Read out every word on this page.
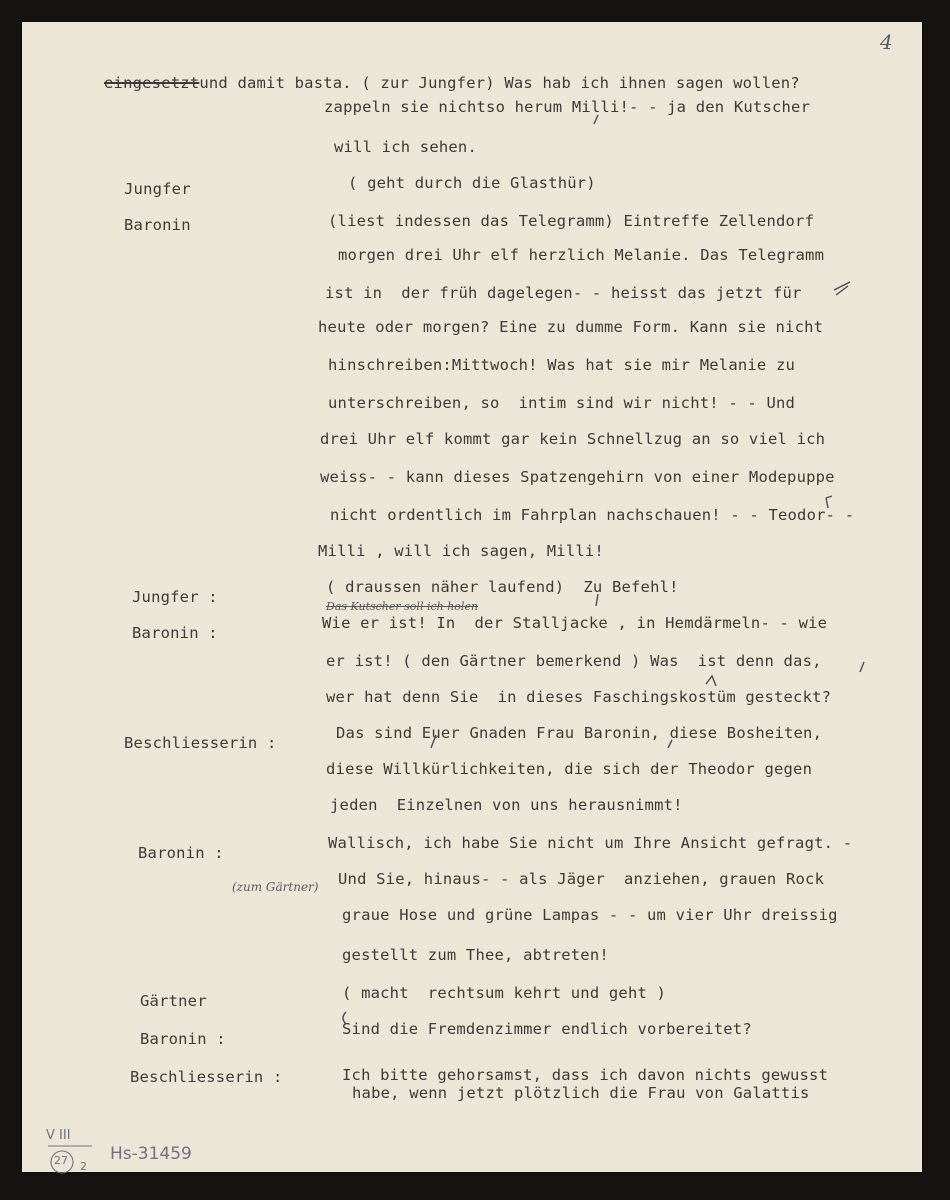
4
eingesetztund damit basta. ( zur Jungfer) Was hab ich ihnen sagen wollen?
zappeln sie nichtso herum Milli!- - ja den Kutscher
will ich sehen.
( geht durch die Glasthür)
(liest indessen das Telegramm) Eintreffe Zellendorf
morgen drei Uhr elf herzlich Melanie. Das Telegramm
ist in  der früh dagelegen- - heisst das jetzt für
heute oder morgen? Eine zu dumme Form. Kann sie nicht
hinschreiben:Mittwoch! Was hat sie mir Melanie zu
unterschreiben, so  intim sind wir nicht! - - Und
drei Uhr elf kommt gar kein Schnellzug an so viel ich
weiss- - kann dieses Spatzengehirn von einer Modepuppe
nicht ordentlich im Fahrplan nachschauen! - - Teodor- -
Milli , will ich sagen, Milli!
( draussen näher laufend)  Zu Befehl!
Wie er ist! In  der Stalljacke , in Hemdärmeln- - wie
er ist! ( den Gärtner bemerkend ) Was  ist denn das,
wer hat denn Sie  in dieses Faschingskostüm gesteckt?
Das sind Euer Gnaden Frau Baronin, diese Bosheiten,
diese Willkürlichkeiten, die sich der Theodor gegen
jeden  Einzelnen von uns herausnimmt!
Wallisch, ich habe Sie nicht um Ihre Ansicht gefragt. -
Und Sie, hinaus- - als Jäger  anziehen, grauen Rock
graue Hose und grüne Lampas - - um vier Uhr dreissig
gestellt zum Thee, abtreten!
( macht  rechtsum kehrt und geht )
Sind die Fremdenzimmer endlich vorbereitet?
Ich bitte gehorsamst, dass ich davon nichts gewusst
habe, wenn jetzt plötzlich die Frau von Galattis
Jungfer
Baronin
Jungfer :
Baronin :
Beschliesserin :
Baronin :
Gärtner
Baronin :
Beschliesserin :
(zum Gärtner)
Das Kutscher soll ich holen
V III
27 2
Hs-31459
